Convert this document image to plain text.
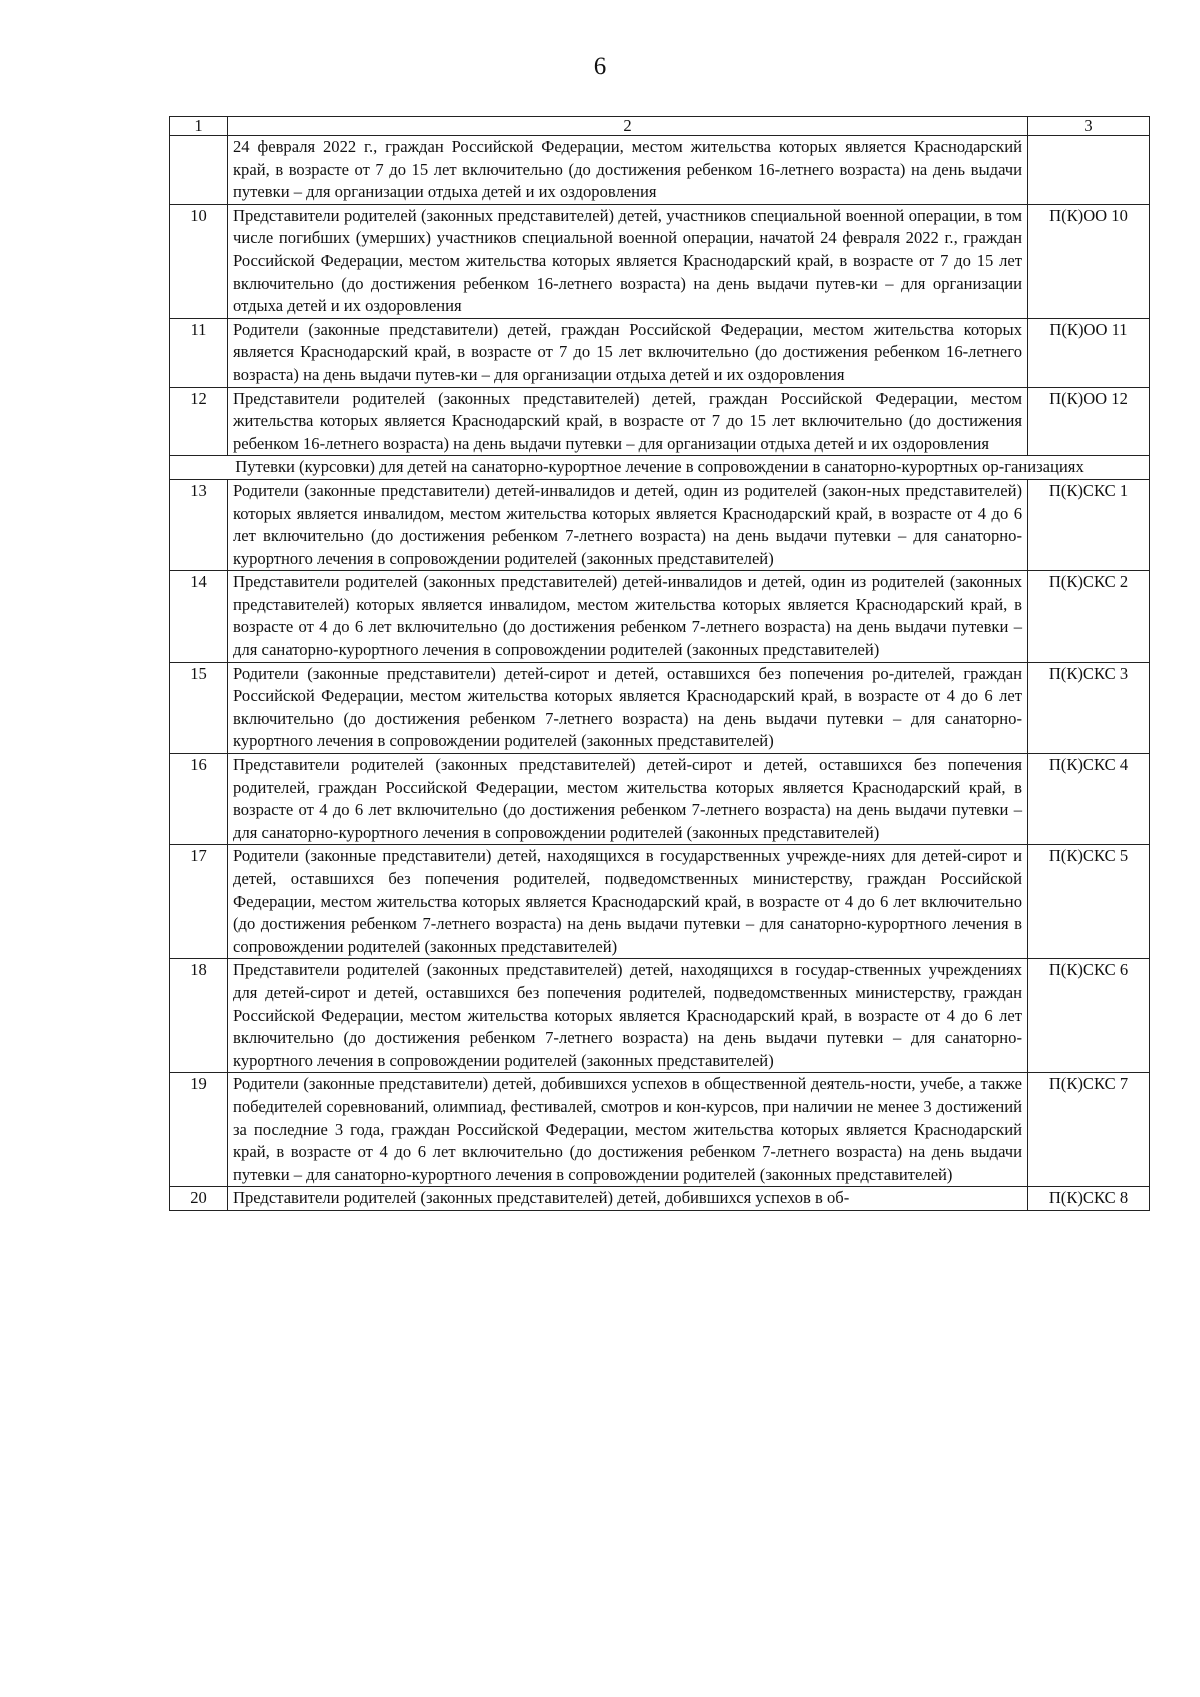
6
1	2	3
	24 февраля 2022 г., граждан Российской Федерации, местом жительства которых является Краснодарский край, в возрасте от 7 до 15 лет включительно (до достижения ребенком 16-летнего возраста) на день выдачи путевки – для организации отдыха детей и их оздоровления	
10	Представители родителей (законных представителей) детей, участников специальной военной операции, в том числе погибших (умерших) участников специальной военной операции, начатой 24 февраля 2022 г., граждан Российской Федерации, местом жительства которых является Краснодарский край, в возрасте от 7 до 15 лет включительно (до достижения ребенком 16-летнего возраста) на день выдачи путев-ки – для организации отдыха детей и их оздоровления	П(К)ОО 10
11	Родители (законные представители) детей, граждан Российской Федерации, местом жительства которых является Краснодарский край, в возрасте от 7 до 15 лет включительно (до достижения ребенком 16-летнего возраста) на день выдачи путев-ки – для организации отдыха детей и их оздоровления	П(К)ОО 11
12	Представители родителей (законных представителей) детей, граждан Российской Федерации, местом жительства которых является Краснодарский край, в возрасте от 7 до 15 лет включительно (до достижения ребенком 16-летнего возраста) на день выдачи путевки – для организации отдыха детей и их оздоровления	П(К)ОО 12
Путевки (курсовки) для детей на санаторно-курортное лечение в сопровождении в санаторно-курортных ор-ганизациях		
13	Родители (законные представители) детей-инвалидов и детей, один из родителей (закон-ных представителей) которых является инвалидом, местом жительства которых является Краснодарский край, в возрасте от 4 до 6 лет включительно (до достижения ребенком 7-летнего возраста) на день выдачи путевки – для санаторно-курортного лечения в сопровождении родителей (законных представителей)	П(К)СКС 1
14	Представители родителей (законных представителей) детей-инвалидов и детей, один из родителей (законных представителей) которых является инвалидом, местом жительства которых является Краснодарский край, в возрасте от 4 до 6 лет включительно (до достижения ребенком 7-летнего возраста) на день выдачи путевки – для санаторно-курортного лечения в сопровождении родителей (законных представителей)	П(К)СКС 2
15	Родители (законные представители) детей-сирот и детей, оставшихся без попечения ро-дителей, граждан Российской Федерации, местом жительства которых является Краснодарский край, в возрасте от 4 до 6 лет включительно (до достижения ребенком 7-летнего возраста) на день выдачи путевки – для санаторно-курортного лечения в сопровождении родителей (законных представителей)	П(К)СКС 3
16	Представители родителей (законных представителей) детей-сирот и детей, оставшихся без попечения родителей, граждан Российской Федерации, местом жительства которых является Краснодарский край, в возрасте от 4 до 6 лет включительно (до достижения ребенком 7-летнего возраста) на день выдачи путевки – для санаторно-курортного лечения в сопровождении родителей (законных представителей)	П(К)СКС 4
17	Родители (законные представители) детей, находящихся в государственных учрежде-ниях для детей-сирот и детей, оставшихся без попечения родителей, подведомственных министерству, граждан Российской Федерации, местом жительства которых является Краснодарский край, в возрасте от 4 до 6 лет включительно (до достижения ребенком 7-летнего возраста) на день выдачи путевки – для санаторно-курортного лечения в сопровождении родителей (законных представителей)	П(К)СКС 5
18	Представители родителей (законных представителей) детей, находящихся в государ-ственных учреждениях для детей-сирот и детей, оставшихся без попечения родителей, подведомственных министерству, граждан Российской Федерации, местом жительства которых является Краснодарский край, в возрасте от 4 до 6 лет включительно (до достижения ребенком 7-летнего возраста) на день выдачи путевки – для санаторно-курортного лечения в сопровождении родителей (законных представителей)	П(К)СКС 6
19	Родители (законные представители) детей, добившихся успехов в общественной деятель-ности, учебе, а также победителей соревнований, олимпиад, фестивалей, смотров и кон-курсов, при наличии не менее 3 достижений за последние 3 года, граждан Российской Федерации, местом жительства которых является Краснодарский край, в возрасте от 4 до 6 лет включительно (до достижения ребенком 7-летнего возраста) на день выдачи путевки – для санаторно-курортного лечения в сопровождении родителей (законных представителей)	П(К)СКС 7
20	Представители родителей (законных представителей) детей, добившихся успехов в об-	П(К)СКС 8
